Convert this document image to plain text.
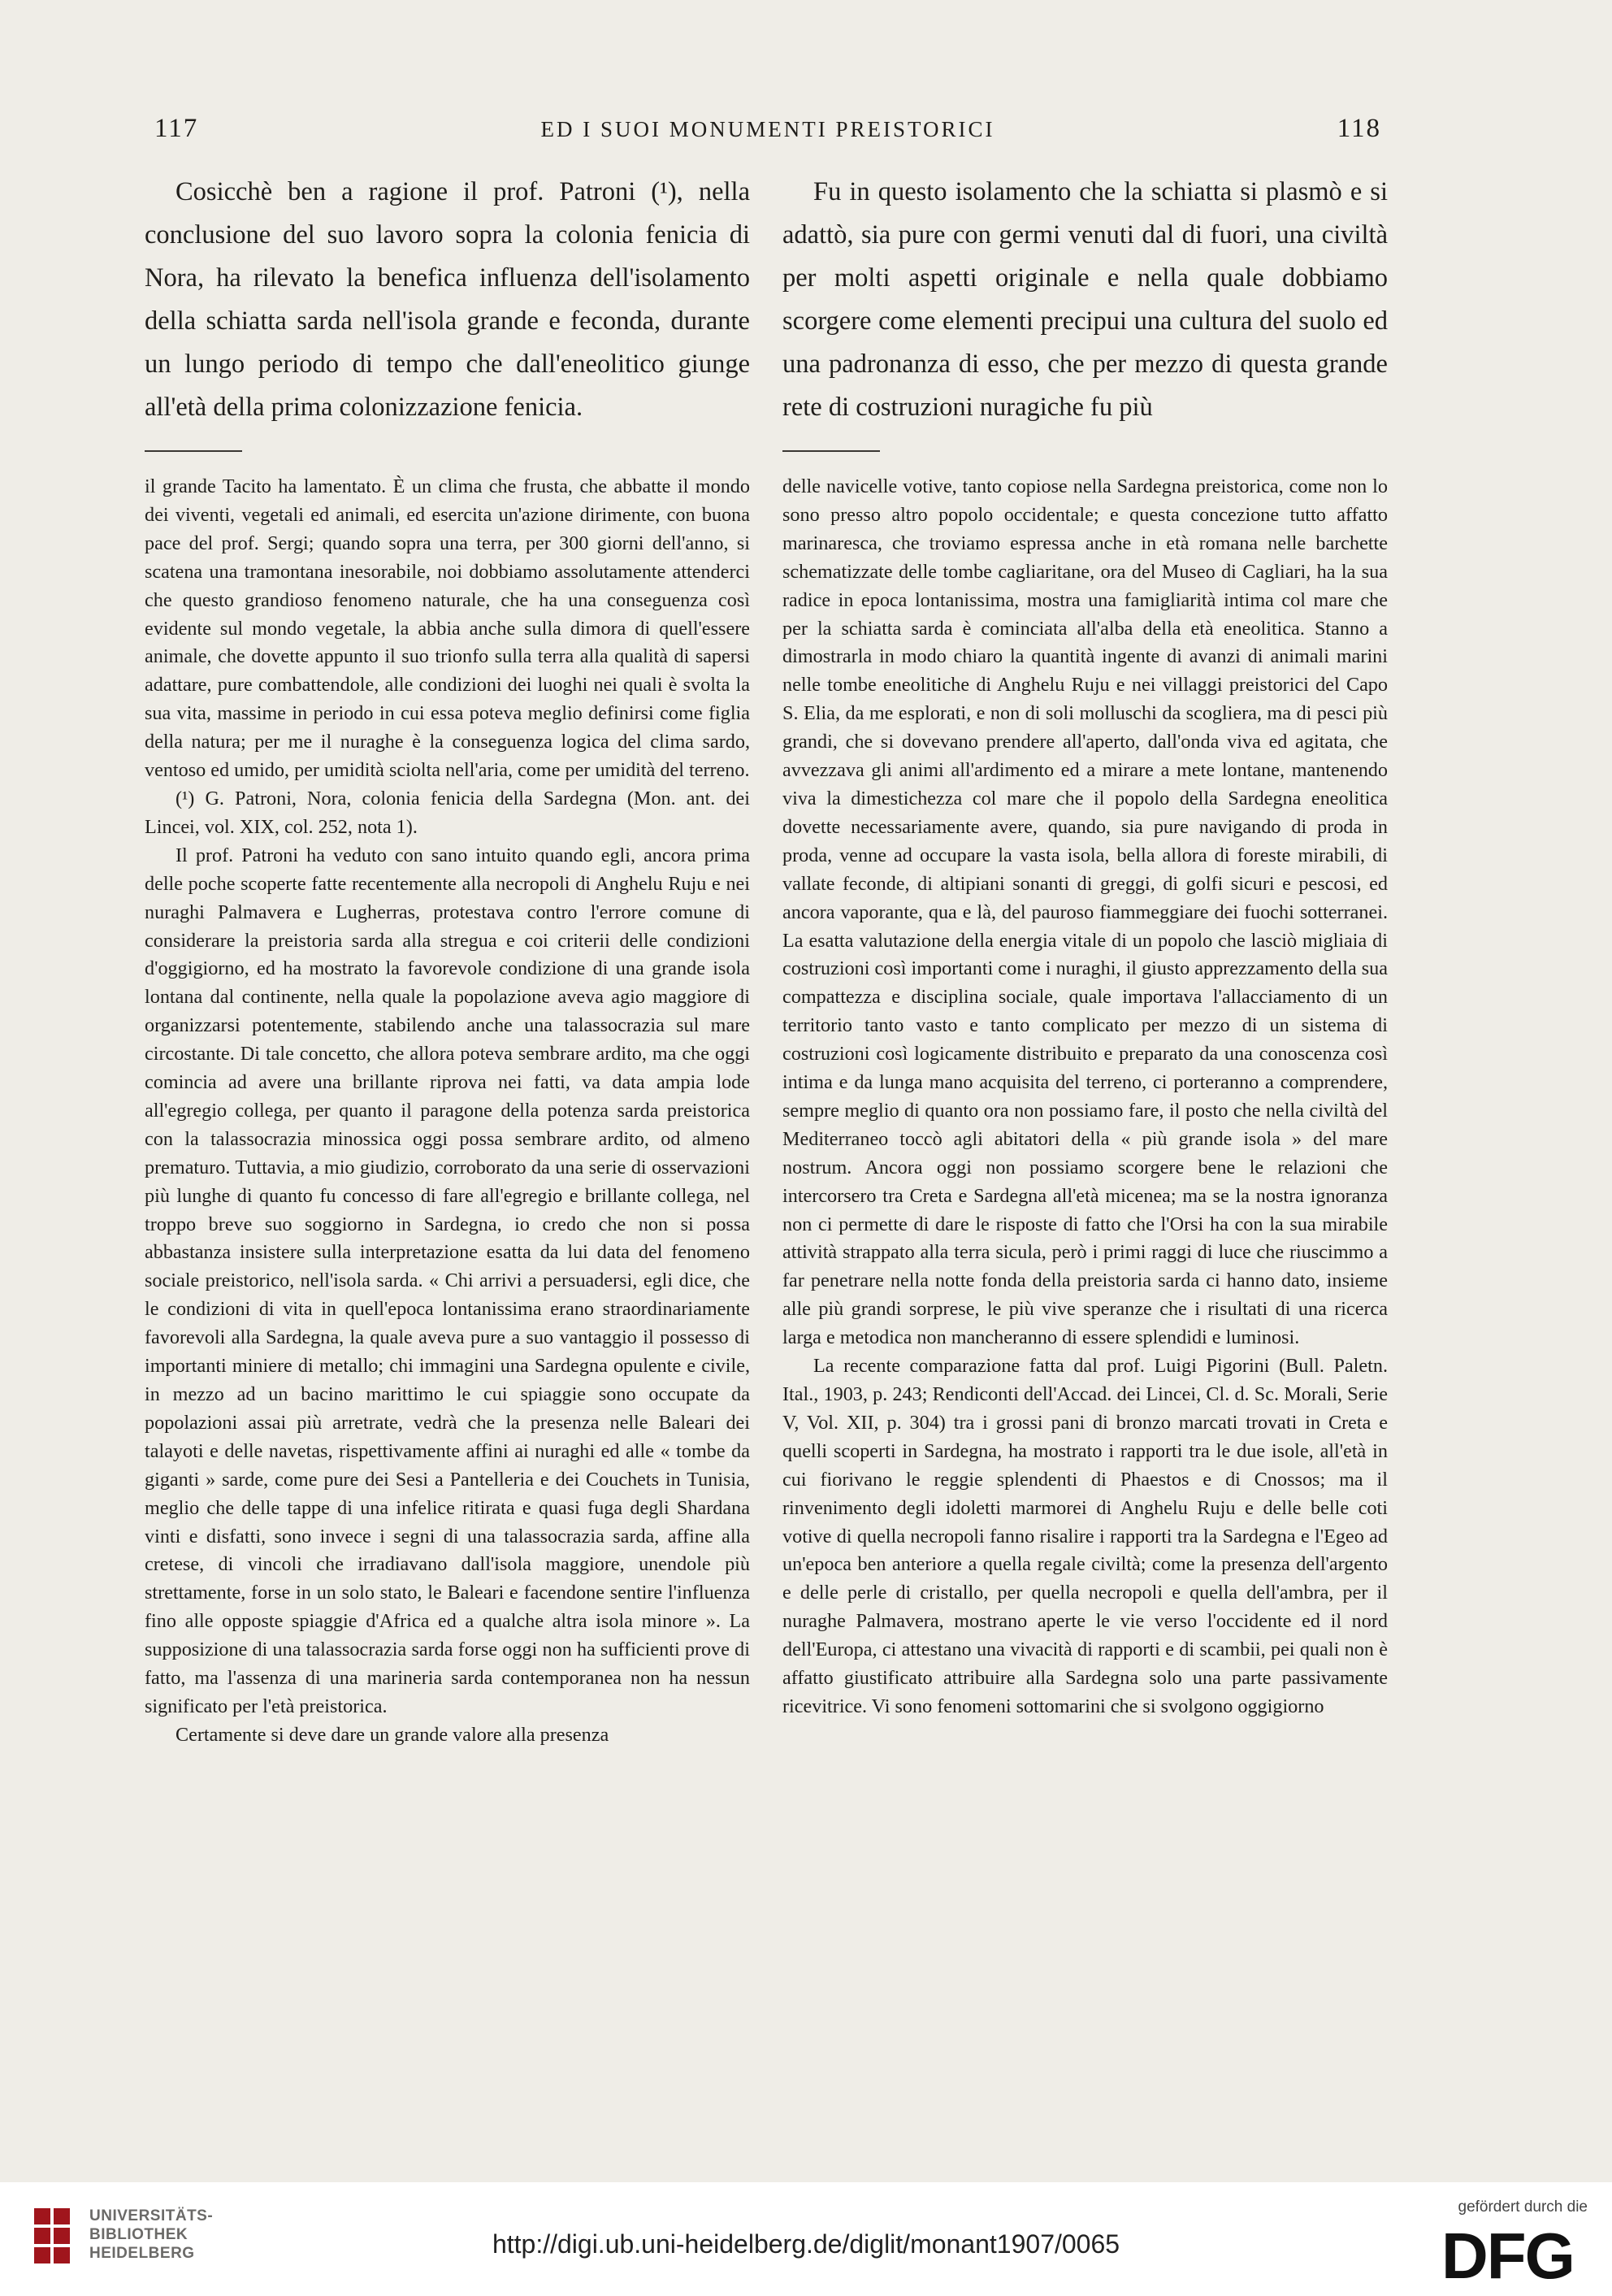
117	ED I SUOI MONUMENTI PREISTORICI	118

Cosicchè ben a ragione il prof. Patroni (¹), nella conclusione del suo lavoro sopra la colonia fenicia di Nora, ha rilevato la benefica influenza dell'isolamento della schiatta sarda nell'isola grande e feconda, durante un lungo periodo di tempo che dall'eneolitico giunge all'età della prima colonizzazione fenicia.

il grande Tacito ha lamentato. È un clima che frusta, che abbatte il mondo dei viventi, vegetali ed animali, ed esercita un'azione dirimente, con buona pace del prof. Sergi; quando sopra una terra, per 300 giorni dell'anno, si scatena una tramontana inesorabile, noi dobbiamo assolutamente attenderci che questo grandioso fenomeno naturale, che ha una conseguenza così evidente sul mondo vegetale, la abbia anche sulla dimora di quell'essere animale, che dovette appunto il suo trionfo sulla terra alla qualità di sapersi adattare, pure combattendole, alle condizioni dei luoghi nei quali è svolta la sua vita, massime in periodo in cui essa poteva meglio definirsi come figlia della natura; per me il nuraghe è la conseguenza logica del clima sardo, ventoso ed umido, per umidità sciolta nell'aria, come per umidità del terreno.

(¹) G. Patroni, Nora, colonia fenicia della Sardegna (Mon. ant. dei Lincei, vol. XIX, col. 252, nota 1).

Il prof. Patroni ha veduto con sano intuito quando egli, ancora prima delle poche scoperte fatte recentemente alla necropoli di Anghelu Ruju e nei nuraghi Palmavera e Lugherras, protestava contro l'errore comune di considerare la preistoria sarda alla stregua e coi criterii delle condizioni d'oggigiorno, ed ha mostrato la favorevole condizione di una grande isola lontana dal continente, nella quale la popolazione aveva agio maggiore di organizzarsi potentemente, stabilendo anche una talassocrazia sul mare circostante. Di tale concetto, che allora poteva sembrare ardito, ma che oggi comincia ad avere una brillante riprova nei fatti, va data ampia lode all'egregio collega, per quanto il paragone della potenza sarda preistorica con la talassocrazia minossica oggi possa sembrare ardito, od almeno prematuro. Tuttavia, a mio giudizio, corroborato da una serie di osservazioni più lunghe di quanto fu concesso di fare all'egregio e brillante collega, nel troppo breve suo soggiorno in Sardegna, io credo che non si possa abbastanza insistere sulla interpretazione esatta da lui data del fenomeno sociale preistorico, nell'isola sarda. « Chi arrivi a persuadersi, egli dice, che le condizioni di vita in quell'epoca lontanissima erano straordinariamente favorevoli alla Sardegna, la quale aveva pure a suo vantaggio il possesso di importanti miniere di metallo; chi immagini una Sardegna opulente e civile, in mezzo ad un bacino marittimo le cui spiaggie sono occupate da popolazioni assai più arretrate, vedrà che la presenza nelle Baleari dei talayoti e delle navetas, rispettivamente affini ai nuraghi ed alle « tombe da giganti » sarde, come pure dei Sesi a Pantelleria e dei Couchets in Tunisia, meglio che delle tappe di una infelice ritirata e quasi fuga degli Shardana vinti e disfatti, sono invece i segni di una talassocrazia sarda, affine alla cretese, di vincoli che irradiavano dall'isola maggiore, unendole più strettamente, forse in un solo stato, le Baleari e facendone sentire l'influenza fino alle opposte spiaggie d'Africa ed a qualche altra isola minore ». La supposizione di una talassocrazia sarda forse oggi non ha sufficienti prove di fatto, ma l'assenza di una marineria sarda contemporanea non ha nessun significato per l'età preistorica.

Certamente si deve dare un grande valore alla presenza

Fu in questo isolamento che la schiatta si plasmò e si adattò, sia pure con germi venuti dal di fuori, una civiltà per molti aspetti originale e nella quale dobbiamo scorgere come elementi precipui una cultura del suolo ed una padronanza di esso, che per mezzo di questa grande rete di costruzioni nuragiche fu più

delle navicelle votive, tanto copiose nella Sardegna preistorica, come non lo sono presso altro popolo occidentale; e questa concezione tutto affatto marinaresca, che troviamo espressa anche in età romana nelle barchette schematizzate delle tombe cagliaritane, ora del Museo di Cagliari, ha la sua radice in epoca lontanissima, mostra una famigliarità intima col mare che per la schiatta sarda è cominciata all'alba della età eneolitica. Stanno a dimostrarla in modo chiaro la quantità ingente di avanzi di animali marini nelle tombe eneolitiche di Anghelu Ruju e nei villaggi preistorici del Capo S. Elia, da me esplorati, e non di soli molluschi da scogliera, ma di pesci più grandi, che si dovevano prendere all'aperto, dall'onda viva ed agitata, che avvezzava gli animi all'ardimento ed a mirare a mete lontane, mantenendo viva la dimestichezza col mare che il popolo della Sardegna eneolitica dovette necessariamente avere, quando, sia pure navigando di proda in proda, venne ad occupare la vasta isola, bella allora di foreste mirabili, di vallate feconde, di altipiani sonanti di greggi, di golfi sicuri e pescosi, ed ancora vaporante, qua e là, del pauroso fiammeggiare dei fuochi sotterranei. La esatta valutazione della energia vitale di un popolo che lasciò migliaia di costruzioni così importanti come i nuraghi, il giusto apprezzamento della sua compattezza e disciplina sociale, quale importava l'allacciamento di un territorio tanto vasto e tanto complicato per mezzo di un sistema di costruzioni così logicamente distribuito e preparato da una conoscenza così intima e da lunga mano acquisita del terreno, ci porteranno a comprendere, sempre meglio di quanto ora non possiamo fare, il posto che nella civiltà del Mediterraneo toccò agli abitatori della « più grande isola » del mare nostrum. Ancora oggi non possiamo scorgere bene le relazioni che intercorsero tra Creta e Sardegna all'età micenea; ma se la nostra ignoranza non ci permette di dare le risposte di fatto che l'Orsi ha con la sua mirabile attività strappato alla terra sicula, però i primi raggi di luce che riuscimmo a far penetrare nella notte fonda della preistoria sarda ci hanno dato, insieme alle più grandi sorprese, le più vive speranze che i risultati di una ricerca larga e metodica non mancheranno di essere splendidi e luminosi.

La recente comparazione fatta dal prof. Luigi Pigorini (Bull. Paletn. Ital., 1903, p. 243; Rendiconti dell'Accad. dei Lincei, Cl. d. Sc. Morali, Serie V, Vol. XII, p. 304) tra i grossi pani di bronzo marcati trovati in Creta e quelli scoperti in Sardegna, ha mostrato i rapporti tra le due isole, all'età in cui fiorivano le reggie splendenti di Phaestos e di Cnossos; ma il rinvenimento degli idoletti marmorei di Anghelu Ruju e delle belle coti votive di quella necropoli fanno risalire i rapporti tra la Sardegna e l'Egeo ad un'epoca ben anteriore a quella regale civiltà; come la presenza dell'argento e delle perle di cristallo, per quella necropoli e quella dell'ambra, per il nuraghe Palmavera, mostrano aperte le vie verso l'occidente ed il nord dell'Europa, ci attestano una vivacità di rapporti e di scambii, pei quali non è affatto giustificato attribuire alla Sardegna solo una parte passivamente ricevitrice. Vi sono fenomeni sottomarini che si svolgono oggigiorno

UNIVERSITÄTS-
BIBLIOTHEK
HEIDELBERG	http://digi.ub.uni-heidelberg.de/diglit/monant1907/0065
gefördert durch die
DFG
